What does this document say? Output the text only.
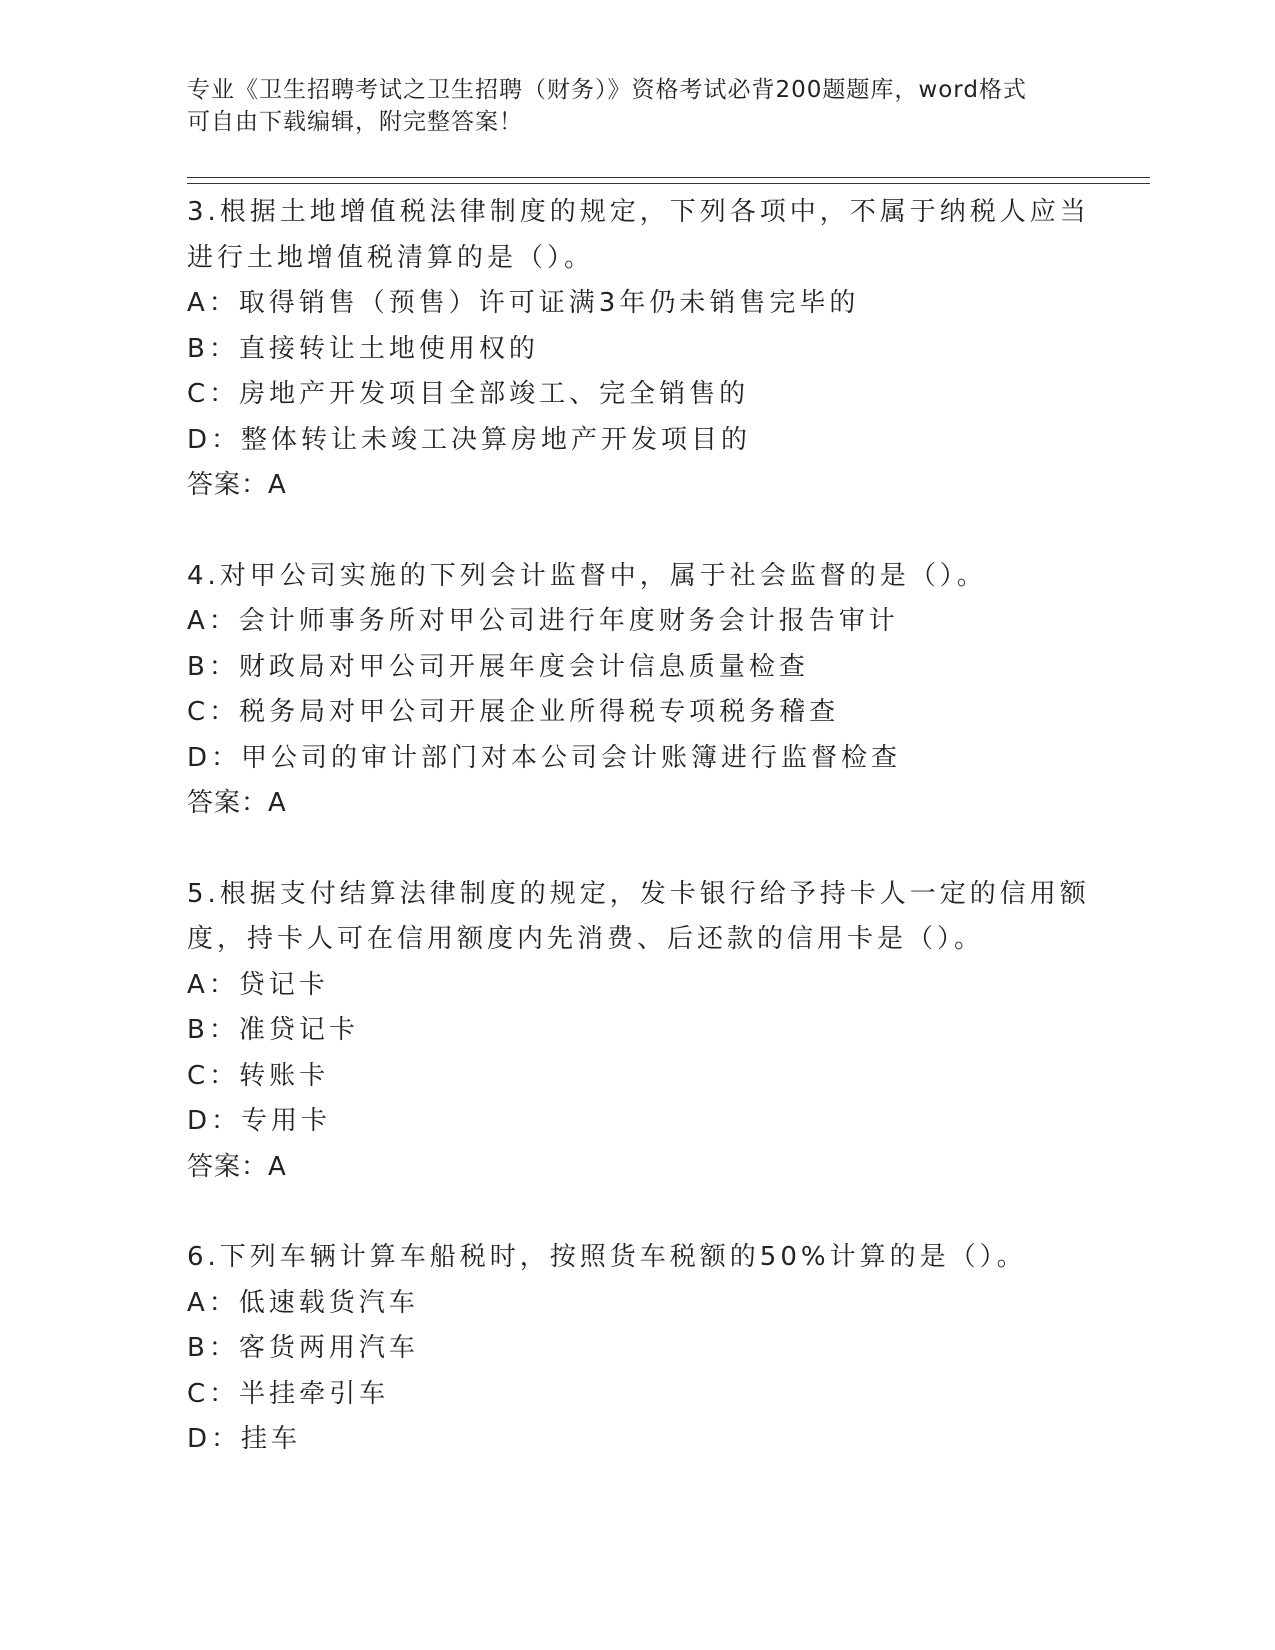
专业《卫生招聘考试之卫生招聘（财务）》资格考试必背200题题库，word格式
可自由下载编辑，附完整答案！
3.根据土地增值税法律制度的规定，下列各项中，不属于纳税人应当
进行土地增值税清算的是（）。
A：取得销售（预售）许可证满3年仍未销售完毕的
B：直接转让土地使用权的
C：房地产开发项目全部竣工、完全销售的
D：整体转让未竣工决算房地产开发项目的
答案：A
4.对甲公司实施的下列会计监督中，属于社会监督的是（）。
A：会计师事务所对甲公司进行年度财务会计报告审计
B：财政局对甲公司开展年度会计信息质量检查
C：税务局对甲公司开展企业所得税专项税务稽查
D：甲公司的审计部门对本公司会计账簿进行监督检查
答案：A
5.根据支付结算法律制度的规定，发卡银行给予持卡人一定的信用额
度，持卡人可在信用额度内先消费、后还款的信用卡是（）。
A：贷记卡
B：准贷记卡
C：转账卡
D：专用卡
答案：A
6.下列车辆计算车船税时，按照货车税额的50%计算的是（）。
A：低速载货汽车
B：客货两用汽车
C：半挂牵引车
D：挂车
